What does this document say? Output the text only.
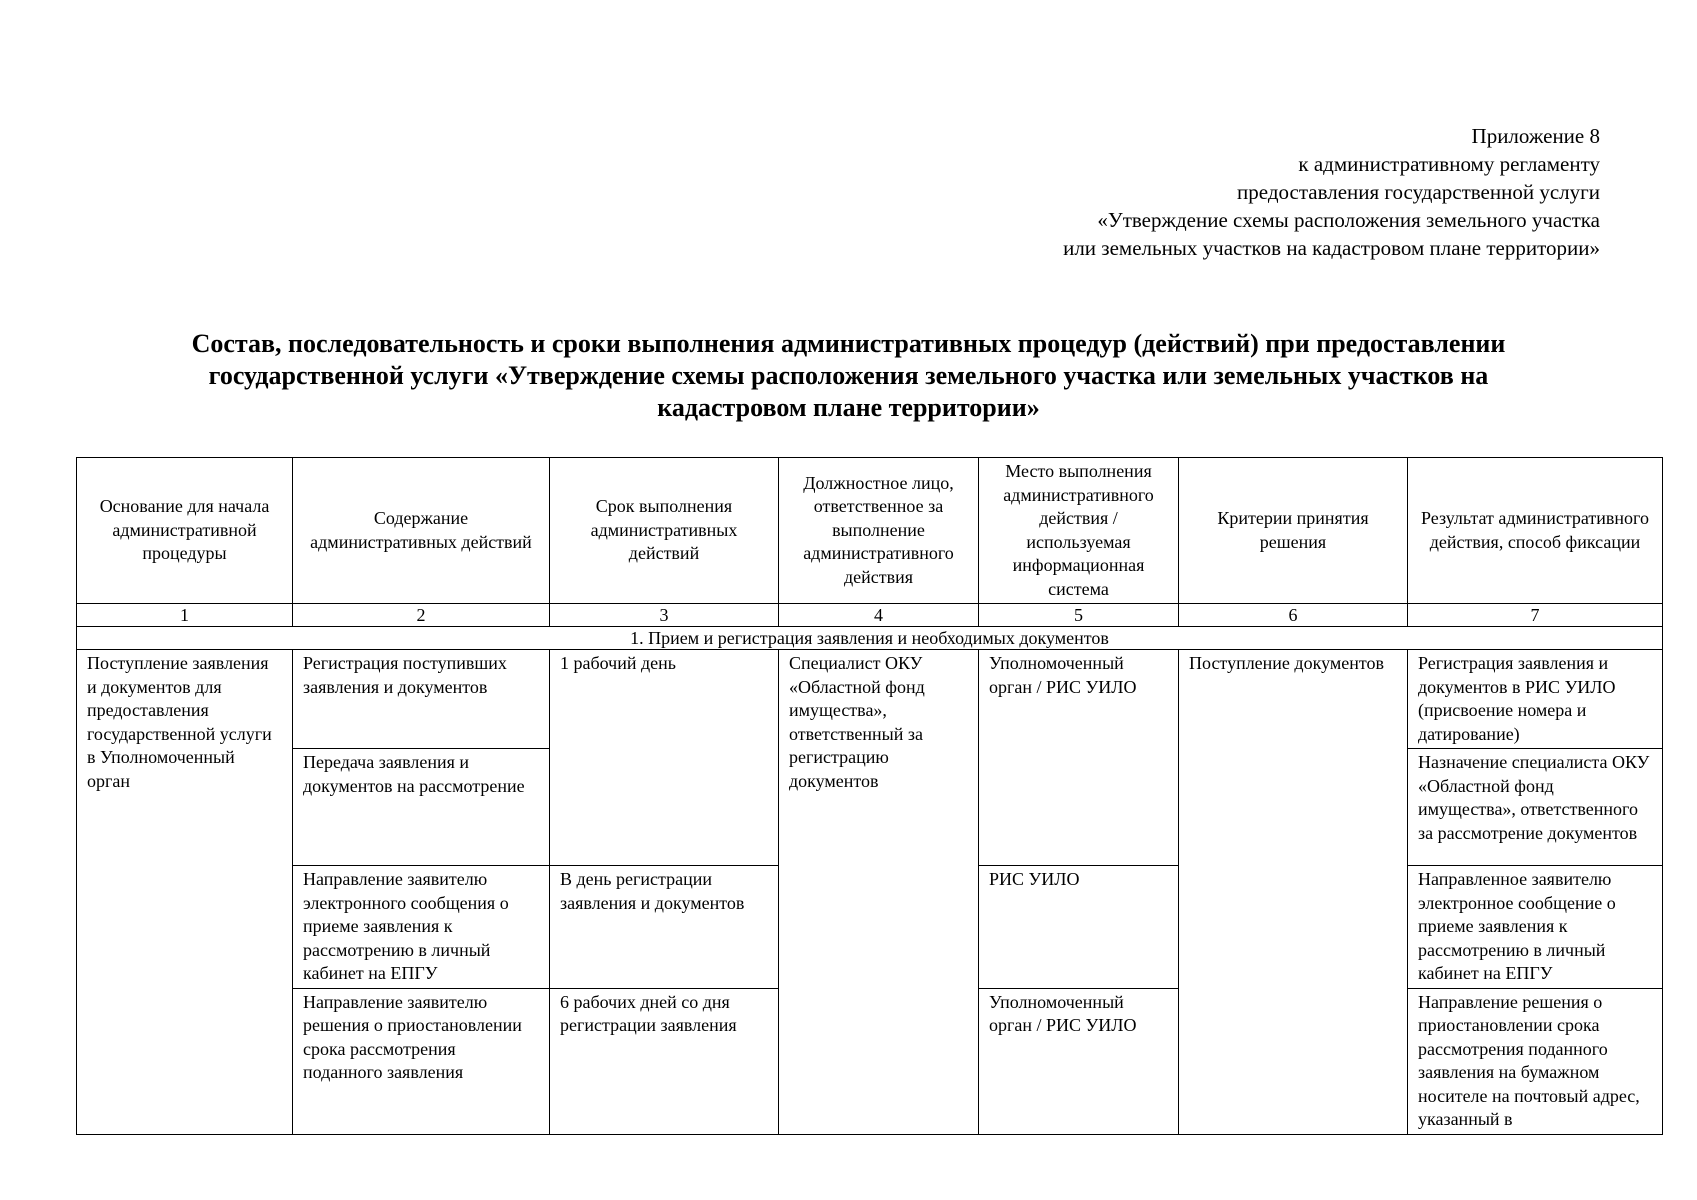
Приложение 8
к административному регламенту
предоставления государственной услуги
«Утверждение схемы расположения земельного участка
или земельных участков на кадастровом плане территории»
Состав, последовательность и сроки выполнения административных процедур (действий) при предоставлении
государственной услуги «Утверждение схемы расположения земельного участка или земельных участков на
кадастровом плане территории»
Основание для начала административной процедуры	Содержание административных действий	Срок выполнения административных действий	Должностное лицо, ответственное за выполнение административного действия	Место выполнения административного действия / используемая информационная система	Критерии принятия решения	Результат административного действия, способ фиксации
1	2	3	4	5	6	7
1. Прием и регистрация заявления и необходимых документов						
Поступление заявления и документов для предоставления государственной услуги в Уполномоченный орган	Регистрация поступивших заявления и документов	1 рабочий день	Специалист ОКУ «Областной фонд имущества», ответственный за регистрацию документов	Уполномоченный орган / РИС УИЛО	Поступление документов	Регистрация заявления и документов в РИС УИЛО (присвоение номера и датирование)
	Передача заявления и документов на рассмотрение					Назначение специалиста ОКУ «Областной фонд имущества», ответственного за рассмотрение документов
	Направление заявителю электронного сообщения о приеме заявления к рассмотрению в личный кабинет на ЕПГУ	В день регистрации заявления и документов		РИС УИЛО		Направленное заявителю электронное сообщение о приеме заявления к рассмотрению в личный кабинет на ЕПГУ
	Направление заявителю решения о приостановлении срока рассмотрения поданного заявления	6 рабочих дней со дня регистрации заявления		Уполномоченный орган / РИС УИЛО		Направление решения о приостановлении срока рассмотрения поданного заявления на бумажном носителе на почтовый адрес, указанный в
